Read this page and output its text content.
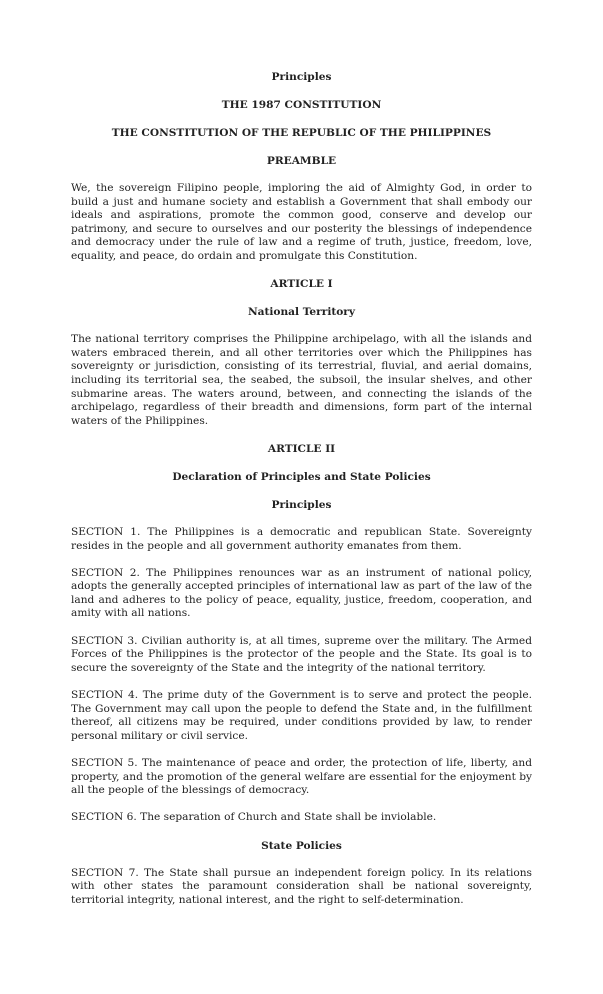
Principles
THE 1987 CONSTITUTION
THE CONSTITUTION OF THE REPUBLIC OF THE PHILIPPINES
PREAMBLE

We, the sovereign Filipino people, imploring the aid of Almighty God, in order to build a just and humane society and establish a Government that shall embody our ideals and aspirations, promote the common good, conserve and develop our patrimony, and secure to ourselves and our posterity the blessings of independence and democracy under the rule of law and a regime of truth, justice, freedom, love, equality, and peace, do ordain and promulgate this Constitution.

ARTICLE I
National Territory

The national territory comprises the Philippine archipelago, with all the islands and waters embraced therein, and all other territories over which the Philippines has sovereignty or jurisdiction, consisting of its terrestrial, fluvial, and aerial domains, including its territorial sea, the seabed, the subsoil, the insular shelves, and other submarine areas. The waters around, between, and connecting the islands of the archipelago, regardless of their breadth and dimensions, form part of the internal waters of the Philippines.

ARTICLE II
Declaration of Principles and State Policies
Principles

SECTION 1. The Philippines is a democratic and republican State. Sovereignty resides in the people and all government authority emanates from them.

SECTION 2. The Philippines renounces war as an instrument of national policy, adopts the generally accepted principles of international law as part of the law of the land and adheres to the policy of peace, equality, justice, freedom, cooperation, and amity with all nations.

SECTION 3. Civilian authority is, at all times, supreme over the military. The Armed Forces of the Philippines is the protector of the people and the State. Its goal is to secure the sovereignty of the State and the integrity of the national territory.

SECTION 4. The prime duty of the Government is to serve and protect the people. The Government may call upon the people to defend the State and, in the fulfillment thereof, all citizens may be required, under conditions provided by law, to render personal military or civil service.

SECTION 5. The maintenance of peace and order, the protection of life, liberty, and property, and the promotion of the general welfare are essential for the enjoyment by all the people of the blessings of democracy.

SECTION 6. The separation of Church and State shall be inviolable.

State Policies

SECTION 7. The State shall pursue an independent foreign policy. In its relations with other states the paramount consideration shall be national sovereignty, territorial integrity, national interest, and the right to self-determination.
